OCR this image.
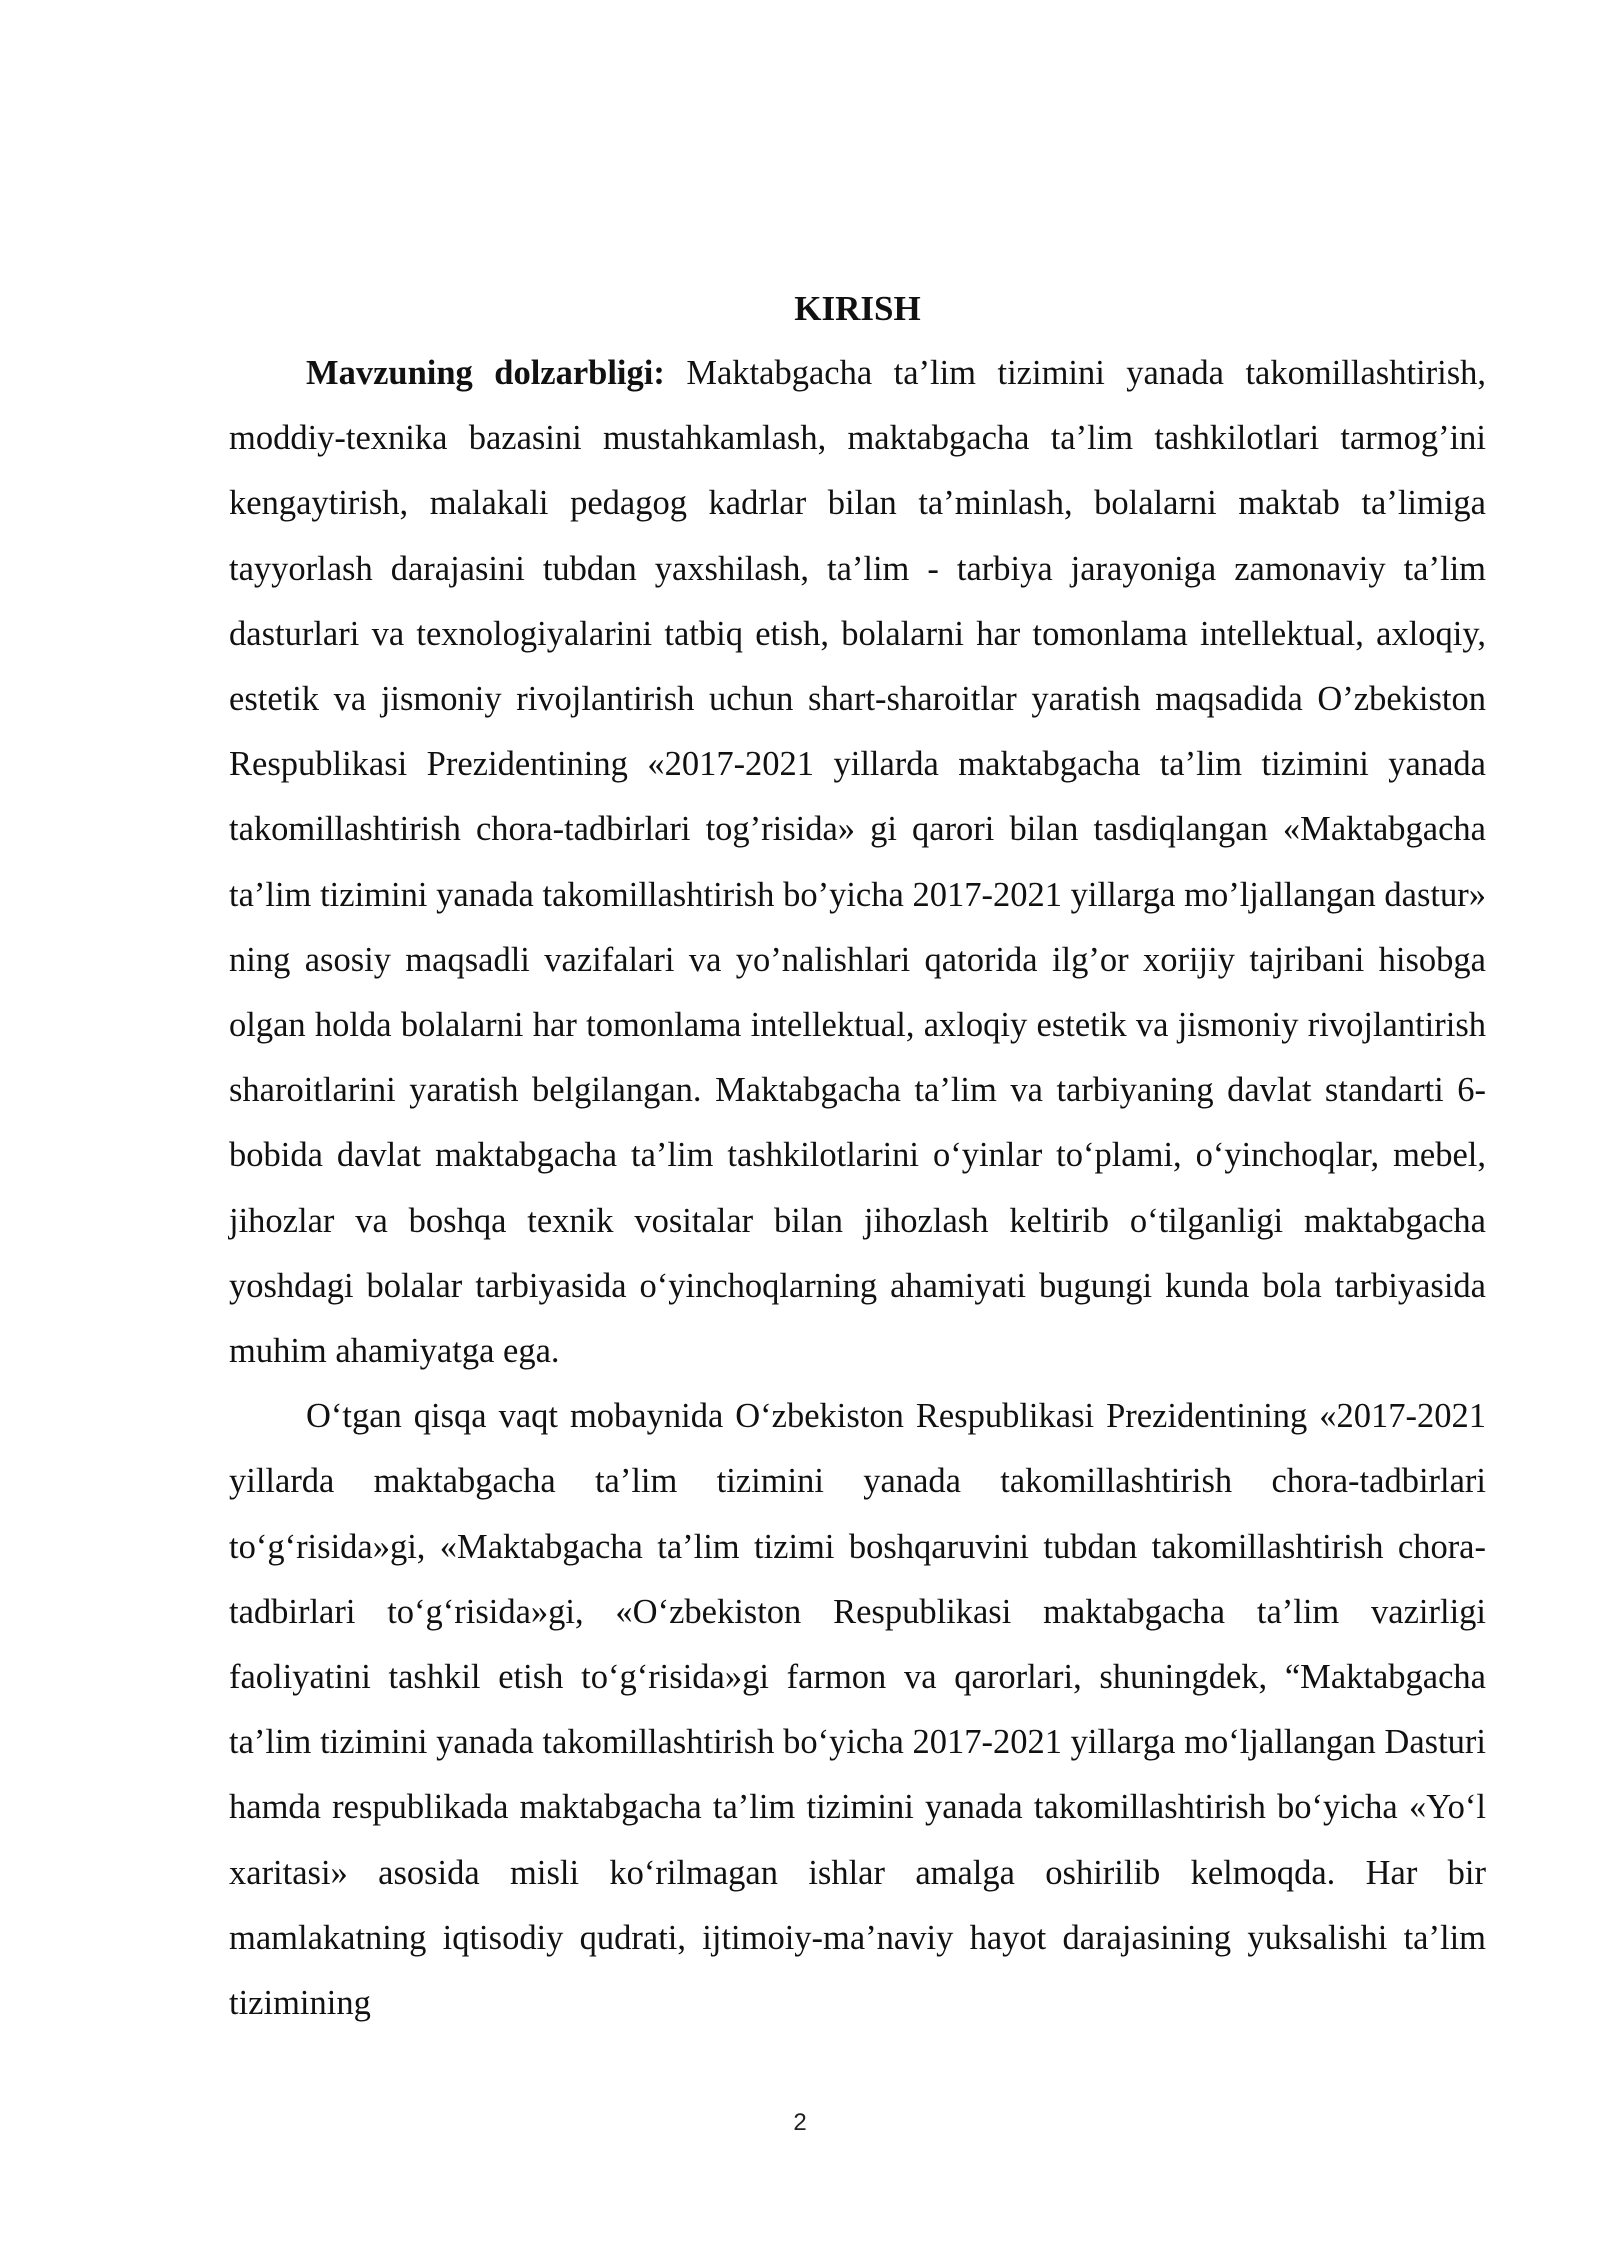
KIRISH

Mavzuning dolzarbligi: Maktabgacha ta’lim tizimini yanada takomillashtirish, moddiy-texnika bazasini mustahkamlash, maktabgacha ta’lim tashkilotlari tarmog’ini kengaytirish, malakali pedagog kadrlar bilan ta’minlash, bolalarni maktab ta’limiga tayyorlash darajasini tubdan yaxshilash, ta’lim - tarbiya jarayoniga zamonaviy ta’lim dasturlari va texnologiyalarini tatbiq etish, bolalarni har tomonlama intellektual, axloqiy, estetik va jismoniy rivojlantirish uchun shart-sharoitlar yaratish maqsadida O’zbekiston Respublikasi Prezidentining «2017-2021 yillarda maktabgacha ta’lim tizimini yanada takomillashtirish chora-tadbirlari tog’risida» gi qarori bilan tasdiqlangan «Maktabgacha ta’lim tizimini yanada takomillashtirish bo’yicha 2017-2021 yillarga mo’ljallangan dastur» ning asosiy maqsadli vazifalari va yo’nalishlari qatorida ilg’or xorijiy tajribani hisobga olgan holda bolalarni har tomonlama intellektual, axloqiy estetik va jismoniy rivojlantirish sharoitlarini yaratish belgilangan. Maktabgacha ta’lim va tarbiyaning davlat standarti 6-bobida davlat maktabgacha ta’lim tashkilotlarini o‘yinlar to‘plami, o‘yinchoqlar, mebel, jihozlar va boshqa texnik vositalar bilan jihozlash keltirib o‘tilganligi maktabgacha yoshdagi bolalar tarbiyasida o‘yinchoqlarning ahamiyati bugungi kunda bola tarbiyasida muhim ahamiyatga ega.

O‘tgan qisqa vaqt mobaynida O‘zbekiston Respublikasi Prezidentining «2017-2021 yillarda maktabgacha ta’lim tizimini yanada takomillashtirish chora-tadbirlari to‘g‘risida»gi, «Maktabgacha ta’lim tizimi boshqaruvini tubdan takomillashtirish chora-tadbirlari to‘g‘risida»gi, «O‘zbekiston Respublikasi maktabgacha ta’lim vazirligi faoliyatini tashkil etish to‘g‘risida»gi farmon va qarorlari, shuningdek, “Maktabgacha ta’lim tizimini yanada takomillashtirish bo‘yicha 2017-2021 yillarga mo‘ljallangan Dasturi hamda respublikada maktabgacha ta’lim tizimini yanada takomillashtirish bo‘yicha «Yo‘l xaritasi» asosida misli ko‘rilmagan ishlar amalga oshirilib kelmoqda. Har bir mamlakatning iqtisodiy qudrati, ijtimoiy-ma’naviy hayot darajasining yuksalishi ta’lim tizimining

2
